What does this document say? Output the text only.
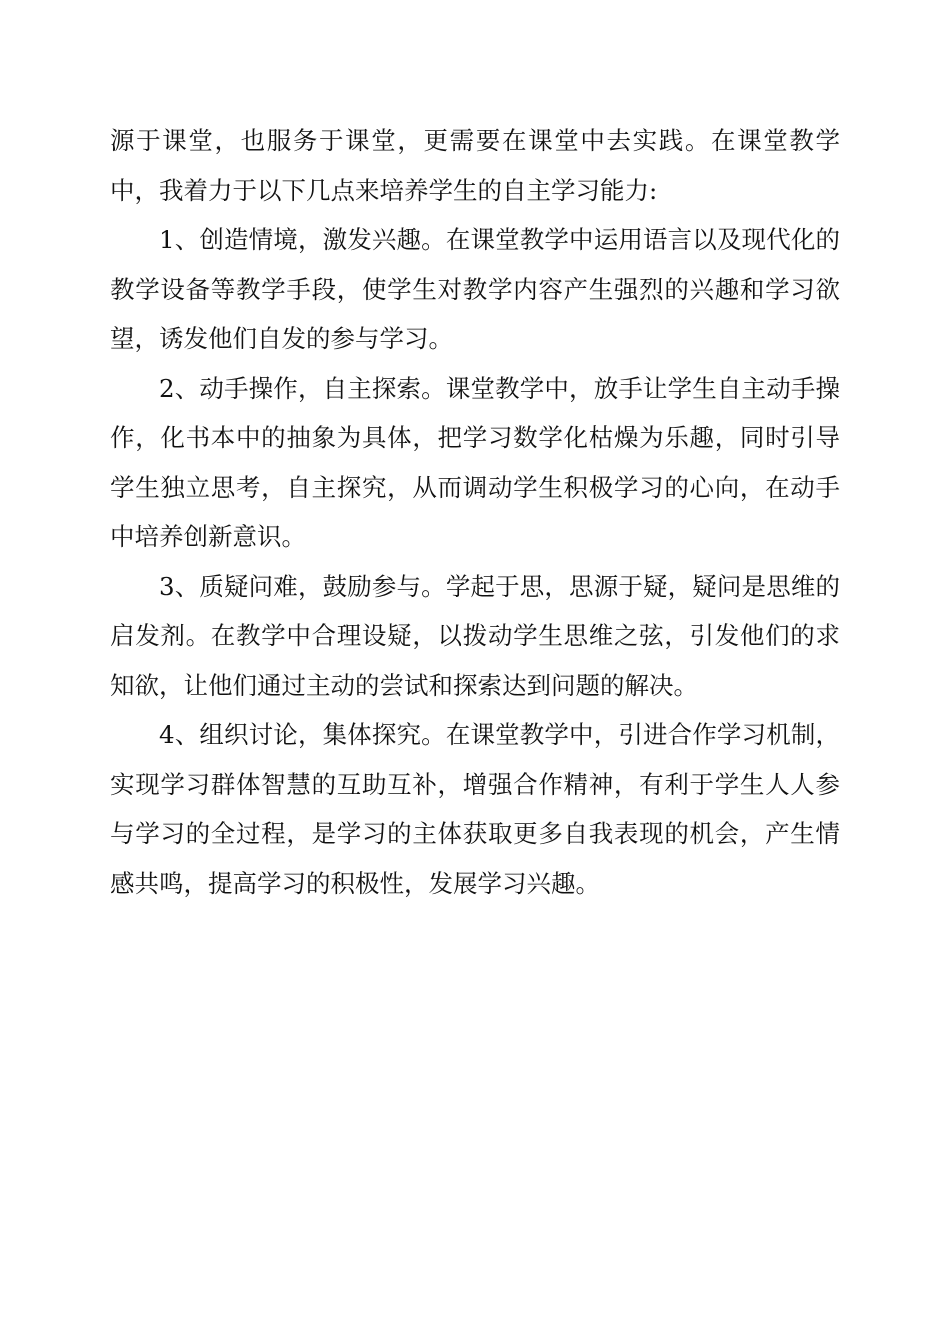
源于课堂，也服务于课堂，更需要在课堂中去实践。在课堂教学中，我着力于以下几点来培养学生的自主学习能力:

1、创造情境，激发兴趣。在课堂教学中运用语言以及现代化的教学设备等教学手段，使学生对教学内容产生强烈的兴趣和学习欲望，诱发他们自发的参与学习。

2、动手操作，自主探索。课堂教学中，放手让学生自主动手操作，化书本中的抽象为具体，把学习数学化枯燥为乐趣，同时引导学生独立思考，自主探究，从而调动学生积极学习的心向，在动手中培养创新意识。

3、质疑问难，鼓励参与。学起于思，思源于疑，疑问是思维的启发剂。在教学中合理设疑，以拨动学生思维之弦，引发他们的求知欲，让他们通过主动的尝试和探索达到问题的解决。

4、组织讨论，集体探究。在课堂教学中，引进合作学习机制，实现学习群体智慧的互助互补，增强合作精神，有利于学生人人参与学习的全过程，是学习的主体获取更多自我表现的机会，产生情感共鸣，提高学习的积极性，发展学习兴趣。
